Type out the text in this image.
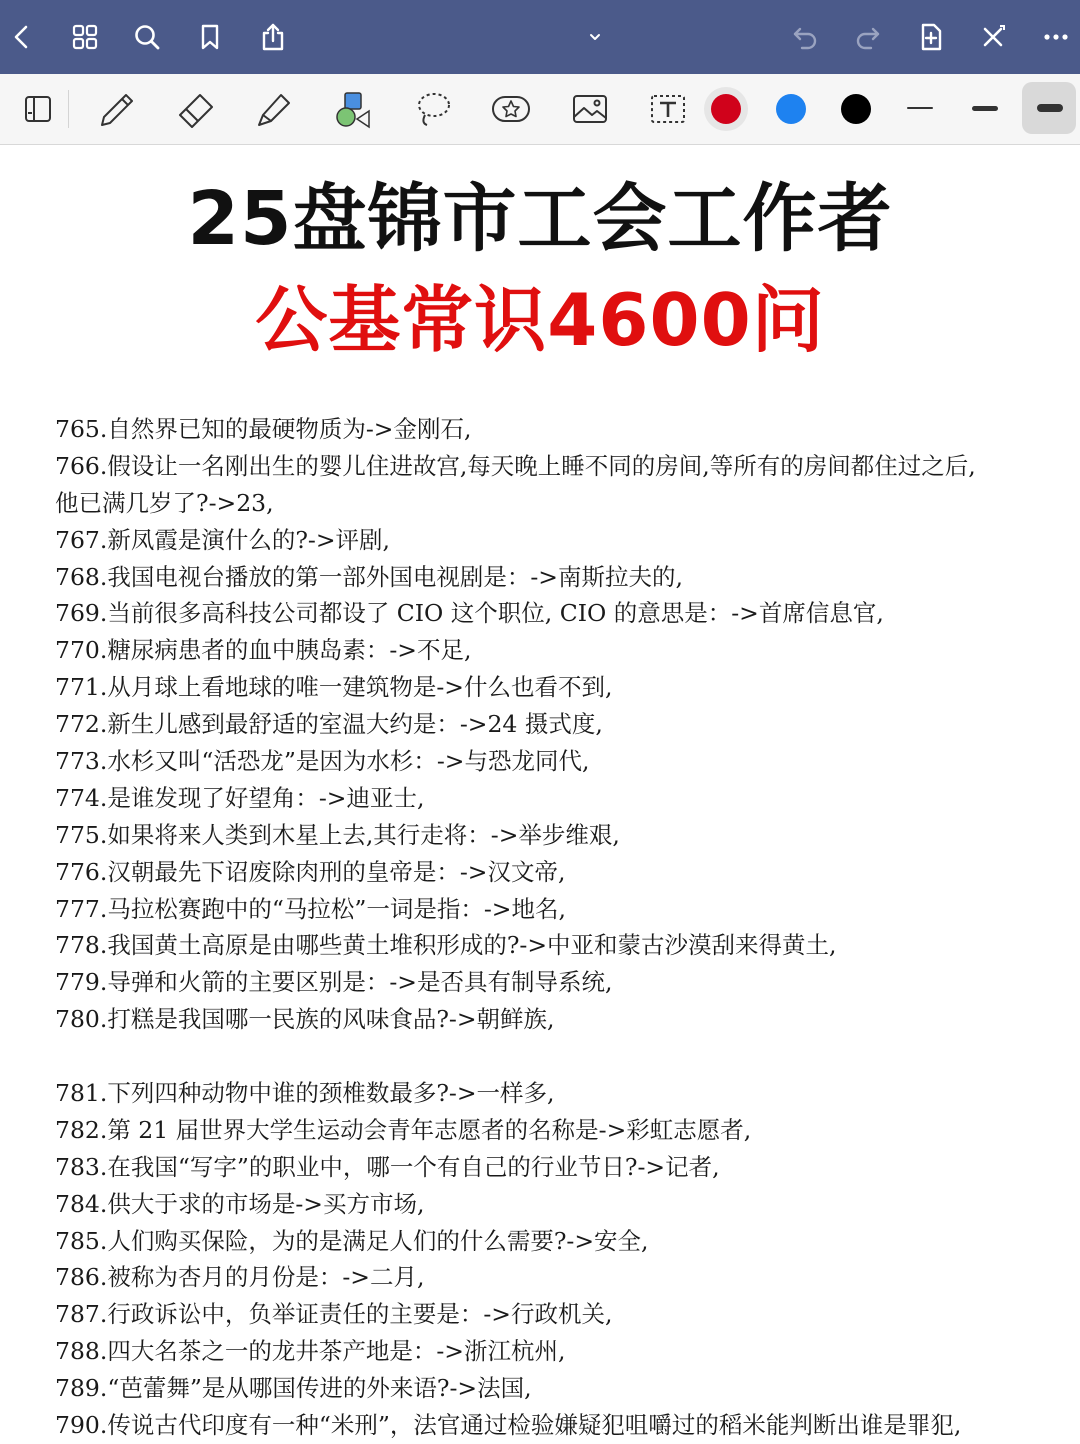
25盘锦市工会工作者
公基常识4600问
765.自然界已知的最硬物质为->金刚石,
766.假设让一名刚出生的婴儿住进故宫,每天晚上睡不同的房间,等所有的房间都住过之后,
他已满几岁了?->23,
767.新凤霞是演什么的?->评剧,
768.我国电视台播放的第一部外国电视剧是：->南斯拉夫的,
769.当前很多高科技公司都设了 CIO 这个职位, CIO 的意思是：->首席信息官,
770.糖尿病患者的血中胰岛素：->不足,
771.从月球上看地球的唯一建筑物是->什么也看不到,
772.新生儿感到最舒适的室温大约是：->24 摄式度,
773.水杉又叫“活恐龙”是因为水杉：->与恐龙同代,
774.是谁发现了好望角：->迪亚士,
775.如果将来人类到木星上去,其行走将：->举步维艰,
776.汉朝最先下诏废除肉刑的皇帝是：->汉文帝,
777.马拉松赛跑中的“马拉松”一词是指：->地名,
778.我国黄土高原是由哪些黄土堆积形成的?->中亚和蒙古沙漠刮来得黄土,
779.导弹和火箭的主要区别是：->是否具有制导系统,
780.打糕是我国哪一民族的风味食品?->朝鲜族,
781.下列四种动物中谁的颈椎数最多?->一样多,
782.第 21 届世界大学生运动会青年志愿者的名称是->彩虹志愿者,
783.在我国“写字”的职业中，哪一个有自己的行业节日?->记者,
784.供大于求的市场是->买方市场,
785.人们购买保险，为的是满足人们的什么需要?->安全,
786.被称为杏月的月份是：->二月,
787.行政诉讼中，负举证责任的主要是：->行政机关,
788.四大名茶之一的龙井茶产地是：->浙江杭州,
789.“芭蕾舞”是从哪国传进的外来语?->法国,
790.传说古代印度有一种“米刑”，法官通过检验嫌疑犯咀嚼过的稻米能判断出谁是罪犯,
